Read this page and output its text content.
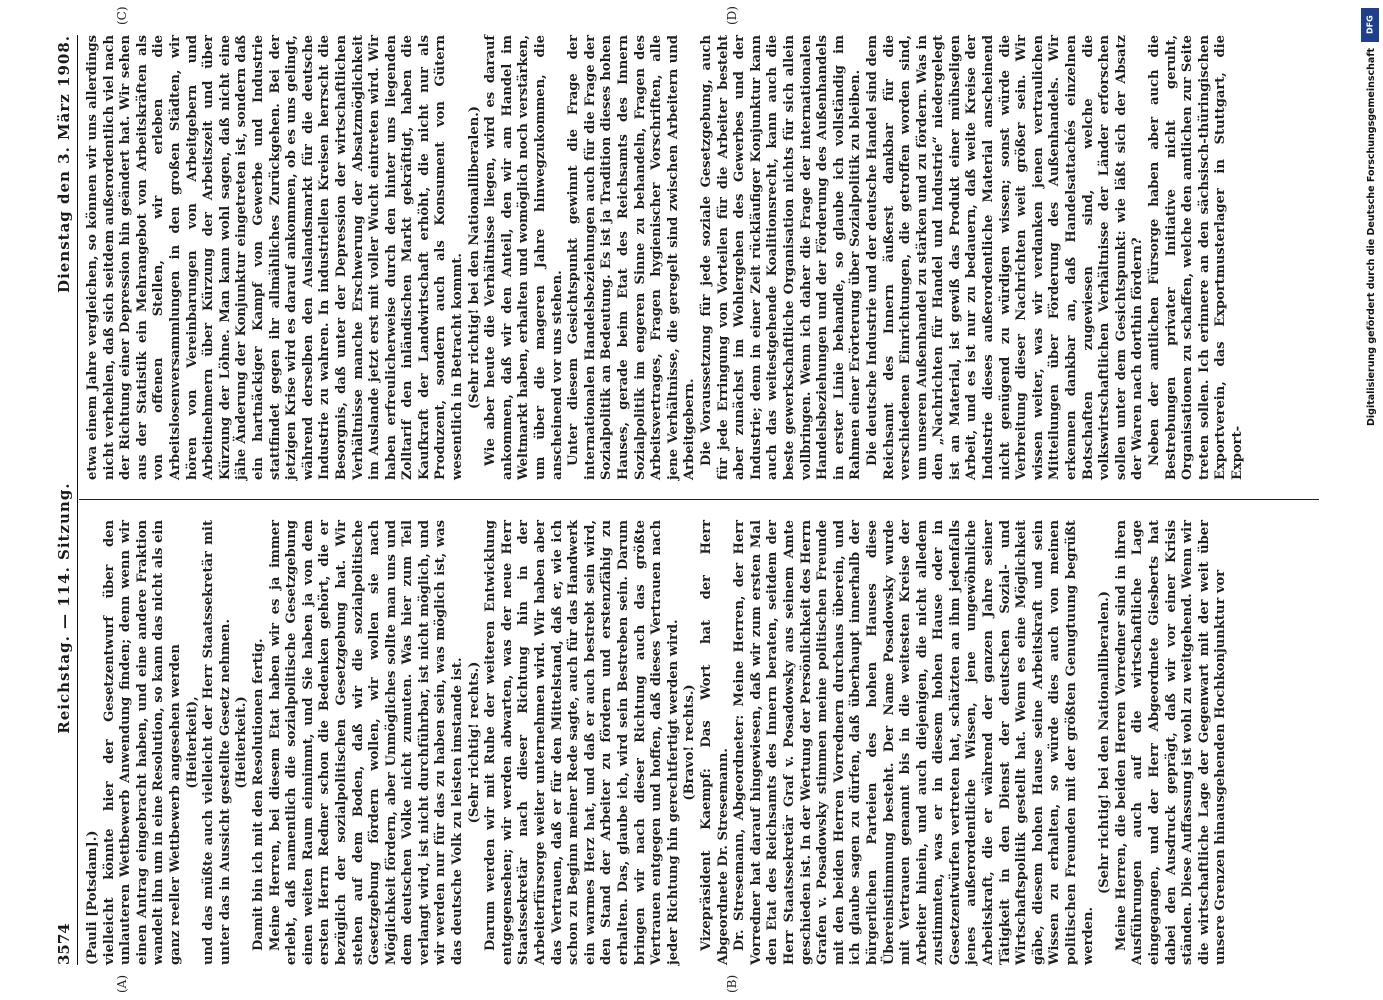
3574
Reichstag. — 114. Sitzung.
Dienstag den 3. März 1908.
(A)	(B)
(C)	(D)

(Pauli [Potsdam].) vielleicht könnte hier der Gesetzentwurf über den unlauteren Wettbewerb Anwendung finden; denn wenn wir einen Antrag eingebracht haben, und eine andere Fraktion wandelt ihn um in eine Resolution, so kann das nicht als ein ganz reeller Wettbewerb angesehen werden (Heiterkeit), und das müßte auch vielleicht der Herr Staatssekretär mit unter das in Aussicht gestellte Gesetz nehmen. (Heiterkeit.) Damit bin ich mit den Resolutionen fertig. Meine Herren, bei diesem Etat haben wir es ja immer erlebt, daß namentlich die sozialpolitische Gesetzgebung einen weiten Raum einnimmt, und Sie haben ja von dem ersten Herrn Redner schon die Bedenken gehört, die er bezüglich der sozialpolitischen Gesetzgebung hat. Wir stehen auf dem Boden, daß wir die sozialpolitische Gesetzgebung fördern wollen, wir wollen sie nach Möglichkeit fördern, aber Unmögliches sollte man uns und dem deutschen Volke nicht zumuten. Was hier zum Teil verlangt wird, ist nicht durchführbar, ist nicht möglich, und wir werden nur für das zu haben sein, was möglich ist, was das deutsche Volk zu leisten imstande ist. (Sehr richtig! rechts.) Darum werden wir mit Ruhe der weiteren Entwicklung entgegensehen; wir werden abwarten, was der neue Herr Staatssekretär nach dieser Richtung hin in der Arbeiterfürsorge weiter unternehmen wird. Wir haben aber das Vertrauen, daß er für den Mittelstand, daß er, wie ich schon zu Beginn meiner Rede sagte, auch für das Handwerk ein warmes Herz hat, und daß er auch bestrebt sein wird, den Stand der Arbeiter zu fördern und erstenzfähig zu erhalten. Das, glaube ich, wird sein Bestreben sein. Darum bringen wir nach dieser Richtung auch das größte Vertrauen entgegen und hoffen, daß dieses Vertrauen nach jeder Richtung hin gerechtfertigt werden wird. (Bravo! rechts.) Vizepräsident Kaempf: Das Wort hat der Herr Abgeordnete Dr. Stresemann. Dr. Stresemann, Abgeordneter: Meine Herren, der Herr Vorredner hat darauf hingewiesen, daß wir zum ersten Mal den Etat des Reichsamts des Innern beraten, seitdem der Herr Staatssekretär Graf v. Posadowsky aus seinem Amte geschieden ist. In der Wertung der Persönlichkeit des Herrn Grafen v. Posadowsky stimmen meine politischen Freunde mit den beiden Herren Vorrednern durchaus überein, und ich glaube sagen zu dürfen, daß überhaupt innerhalb der bürgerlichen Parteien des hohen Hauses diese Übereinstimmung besteht. Der Name Posadowsky wurde mit Vertrauen genannt bis in die weitesten Kreise der Arbeiter hinein, und auch diejenigen, die nicht alledem zustimmten, was er in diesem hohen Hause oder in Gesetzentwürfen vertreten hat, schätzten an ihm jedenfalls jenes außerordentliche Wissen, jene ungewöhnliche Arbeitskraft, die er während der ganzen Jahre seiner Tätigkeit in den Dienst der deutschen Sozial- und Wirtschaftspolitik gestellt hat. Wenn es eine Möglichkeit gäbe, diesem hohen Hause seine Arbeitskraft und sein Wissen zu erhalten, so würde dies auch von meinen politischen Freunden mit der größten Genugtuung begrüßt werden.

(Sehr richtig! bei den Nationalliberalen.) Meine Herren, die beiden Herren Vorredner sind in ihren Ausführungen auch auf die wirtschaftliche Lage eingegangen, und der Herr Abgeordnete Giesberts hat dabei den Ausdruck geprägt, daß wir vor einer Krisis ständen. Diese Auffassung ist wohl zu weitgehend. Wenn wir die wirtschaftliche Lage der Gegenwart mit der weit über unsere Grenzen hinausgehenden Hochkonjunktur vor

etwa einem Jahre vergleichen, so können wir uns allerdings nicht verhehlen, daß sich seitdem außerordentlich viel nach der Richtung einer Depression hin geändert hat. Wir sehen aus der Statistik ein Mehrangebot von Arbeitskräften als von offenen Stellen, wir erleben die Arbeitslosenversammlungen in den großen Städten, wir hören von Vereinbarungen von Arbeitgebern und Arbeitnehmern über Kürzung der Arbeitszeit und über Kürzung der Löhne. Man kann wohl sagen, daß nicht eine jähe Änderung der Konjunktur eingetreten ist, sondern daß ein hartnäckiger Kampf von Gewerbe und Industrie stattfindet gegen ihr allmähliches Zurückgehen. Bei der jetzigen Krise wird es darauf ankommen, ob es uns gelingt, während derselben den Auslandsmarkt für die deutsche Industrie zu wahren. In industriellen Kreisen herrscht die Besorgnis, daß unter der Depression der wirtschaftlichen Verhältnisse manche Erschwerung der Absatzmöglichkeit im Auslande jetzt erst mit voller Wucht eintreten wird. Wir haben erfreulicherweise durch den hinter uns liegenden Zolltarif den inländischen Markt gekräftigt, haben die Kaufkraft der Landwirtschaft erhöht, die nicht nur als Produzent, sondern auch als Konsument von Gütern wesentlich in Betracht kommt. (Sehr richtig! bei den Nationalliberalen.) Wie aber heute die Verhältnisse liegen, wird es darauf ankommen, daß wir den Anteil, den wir am Handel im Weltmarkt haben, erhalten und womöglich noch verstärken, um über die mageren Jahre hinwegzukommen, die anscheinend vor uns stehen. Unter diesem Gesichtspunkt gewinnt die Frage der internationalen Handelsbeziehungen auch für die Frage der Sozialpolitik an Bedeutung. Es ist ja Tradition dieses hohen Hauses, gerade beim Etat des Reichsamts des Innern Sozialpolitik im engeren Sinne zu behandeln, Fragen des Arbeitsvertrages, Fragen hygienischer Vorschriften, alle jene Verhältnisse, die geregelt sind zwischen Arbeitern und Arbeitgebern. Die Voraussetzung für jede soziale Gesetzgebung, auch für jede Erringung von Vorteilen für die Arbeiter besteht aber zunächst im Wohlergehen des Gewerbes und der Industrie; denn in einer Zeit rückläufiger Konjunktur kann auch das weitestgehende Koalitionsrecht, kann auch die beste gewerkschaftliche Organisation nichts für sich allein vollbringen. Wenn ich daher die Frage der internationalen Handelsbeziehungen und der Förderung des Außenhandels in erster Linie behandle, so glaube ich vollständig im Rahmen einer Erörterung über Sozialpolitik zu bleiben. Die deutsche Industrie und der deutsche Handel sind dem Reichsamt des Innern äußerst dankbar für die verschiedenen Einrichtungen, die getroffen worden sind, um unseren Außenhandel zu stärken und zu fördern. Was in den „Nachrichten für Handel und Industrie“ niedergelegt ist an Material, ist gewiß das Produkt einer mühseligen Arbeit, und es ist nur zu bedauern, daß weite Kreise der Industrie dieses außerordentliche Material anscheinend nicht genügend zu würdigen wissen; sonst würde die Verbreitung dieser Nachrichten weit größer sein. Wir wissen weiter, was wir verdanken jenen vertraulichen Mitteilungen über Förderung des Außenhandels. Wir erkennen dankbar an, daß Handelsattachés einzelnen Botschaften zugewiesen sind, welche die volkswirtschaftlichen Verhältnisse der Länder erforschen sollen unter dem Gesichtspunkt: wie läßt sich der Absatz der Waren nach dorthin fördern? Neben der amtlichen Fürsorge haben aber auch die Bestrebungen privater Initiative nicht geruht, Organisationen zu schaffen, welche den amtlichen zur Seite treten sollen. Ich erinnere an den sächsisch-thüringischen Exportverein, das Exportmusterlager in Stuttgart, die Export-

DFG
Digitalisierung gefördert durch die Deutsche Forschungsgemeinschaft
